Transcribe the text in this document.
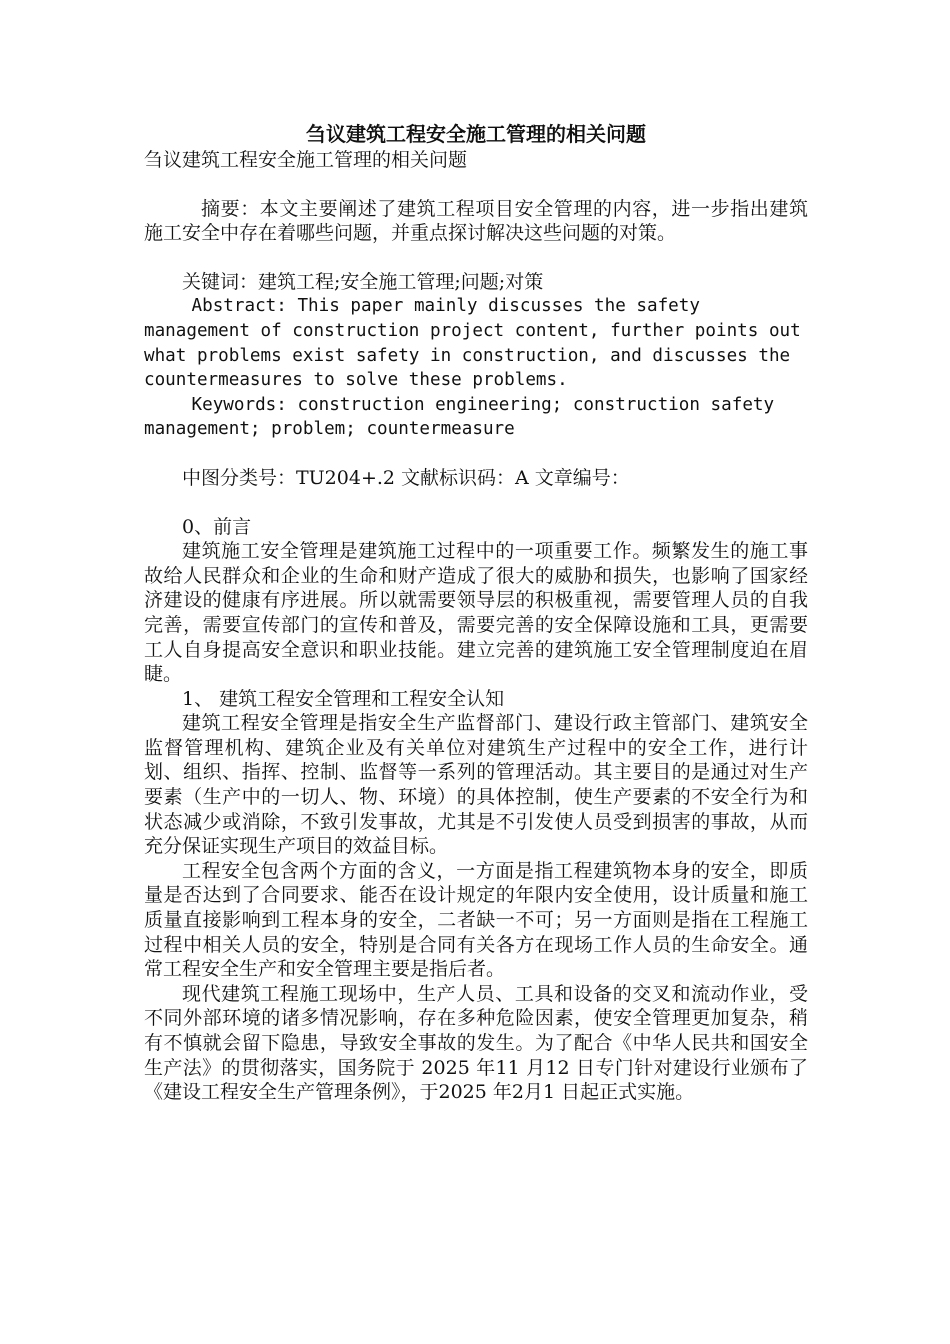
刍议建筑工程安全施工管理的相关问题

刍议建筑工程安全施工管理的相关问题

摘要：本文主要阐述了建筑工程项目安全管理的内容，进一步指出建筑施工安全中存在着哪些问题，并重点探讨解决这些问题的对策。

关键词：建筑工程;安全施工管理;问题;对策

Abstract: This paper mainly discusses the safety management of construction project content, further points out what problems exist safety in construction, and discusses the countermeasures to solve these problems.

Keywords: construction engineering; construction safety management; problem; countermeasure

中图分类号：TU204+.2 文献标识码：A 文章编号：

0、前言

建筑施工安全管理是建筑施工过程中的一项重要工作。频繁发生的施工事故给人民群众和企业的生命和财产造成了很大的威胁和损失，也影响了国家经济建设的健康有序进展。所以就需要领导层的积极重视，需要管理人员的自我完善，需要宣传部门的宣传和普及，需要完善的安全保障设施和工具，更需要工人自身提高安全意识和职业技能。建立完善的建筑施工安全管理制度迫在眉睫。

1、 建筑工程安全管理和工程安全认知

建筑工程安全管理是指安全生产监督部门、建设行政主管部门、建筑安全监督管理机构、建筑企业及有关单位对建筑生产过程中的安全工作，进行计划、组织、指挥、控制、监督等一系列的管理活动。其主要目的是通过对生产要素（生产中的一切人、物、环境）的具体控制，使生产要素的不安全行为和状态减少或消除，不致引发事故，尤其是不引发使人员受到损害的事故，从而充分保证实现生产项目的效益目标。

工程安全包含两个方面的含义，一方面是指工程建筑物本身的安全，即质量是否达到了合同要求、能否在设计规定的年限内安全使用，设计质量和施工质量直接影响到工程本身的安全，二者缺一不可；另一方面则是指在工程施工过程中相关人员的安全，特别是合同有关各方在现场工作人员的生命安全。通常工程安全生产和安全管理主要是指后者。

现代建筑工程施工现场中，生产人员、工具和设备的交叉和流动作业，受不同外部环境的诸多情况影响，存在多种危险因素，使安全管理更加复杂，稍有不慎就会留下隐患，导致安全事故的发生。为了配合《中华人民共和国安全生产法》的贯彻落实，国务院于 2025 年11 月12 日专门针对建设行业颁布了《建设工程安全生产管理条例》，于2025 年2月1 日起正式实施。
